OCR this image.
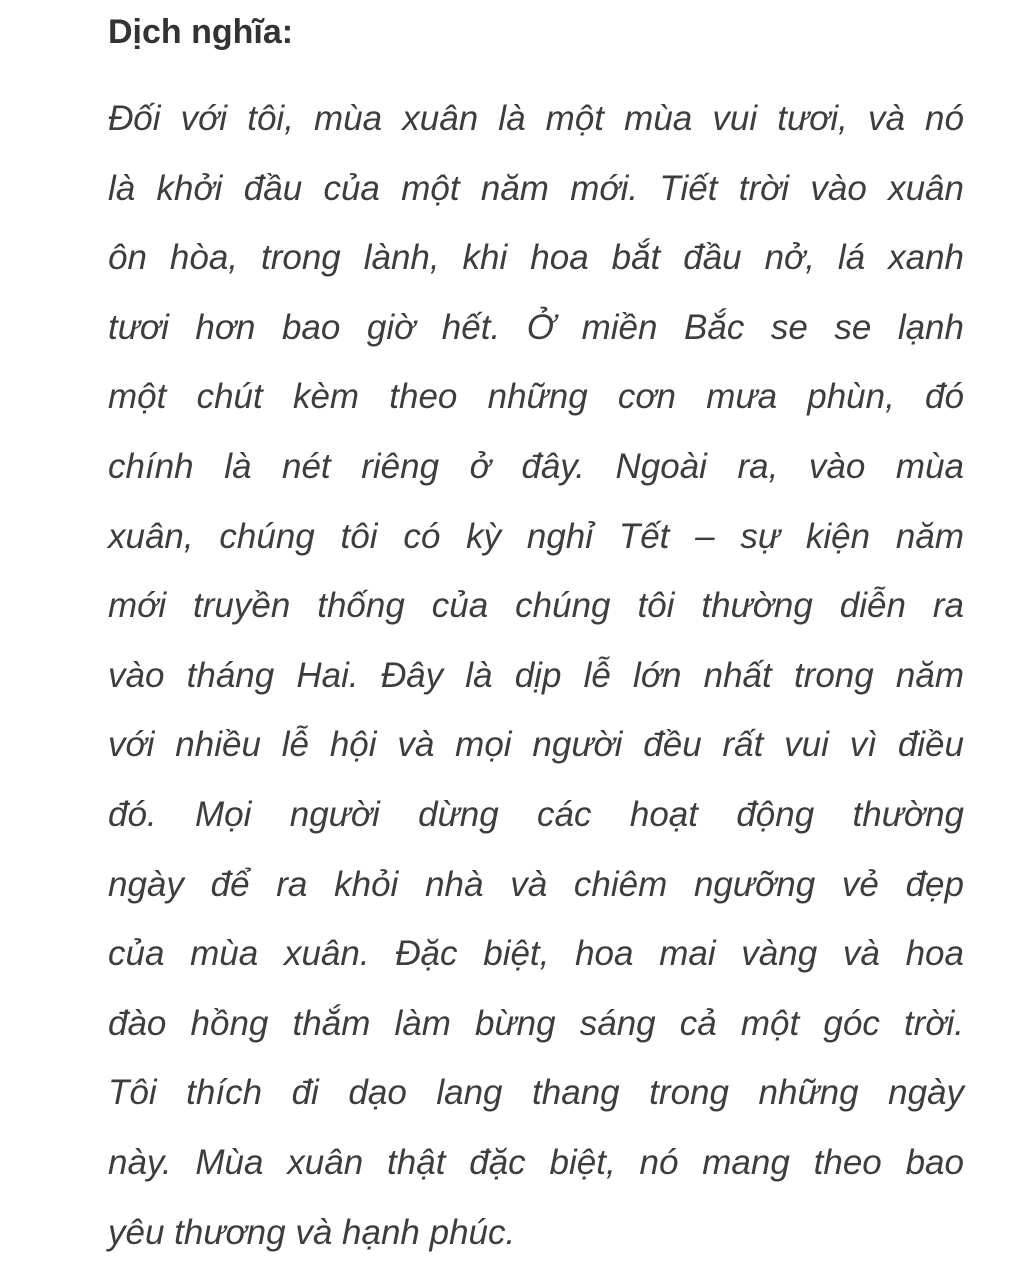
Dịch nghĩa:

Đối với tôi, mùa xuân là một mùa vui tươi, và nó
là khởi đầu của một năm mới. Tiết trời vào xuân
ôn hòa, trong lành, khi hoa bắt đầu nở, lá xanh
tươi hơn bao giờ hết. Ở miền Bắc se se lạnh
một chút kèm theo những cơn mưa phùn, đó
chính là nét riêng ở đây. Ngoài ra, vào mùa
xuân, chúng tôi có kỳ nghỉ Tết – sự kiện năm
mới truyền thống của chúng tôi thường diễn ra
vào tháng Hai. Đây là dịp lễ lớn nhất trong năm
với nhiều lễ hội và mọi người đều rất vui vì điều
đó. Mọi người dừng các hoạt động thường
ngày để ra khỏi nhà và chiêm ngưỡng vẻ đẹp
của mùa xuân. Đặc biệt, hoa mai vàng và hoa
đào hồng thắm làm bừng sáng cả một góc trời.
Tôi thích đi dạo lang thang trong những ngày
này. Mùa xuân thật đặc biệt, nó mang theo bao
yêu thương và hạnh phúc.
